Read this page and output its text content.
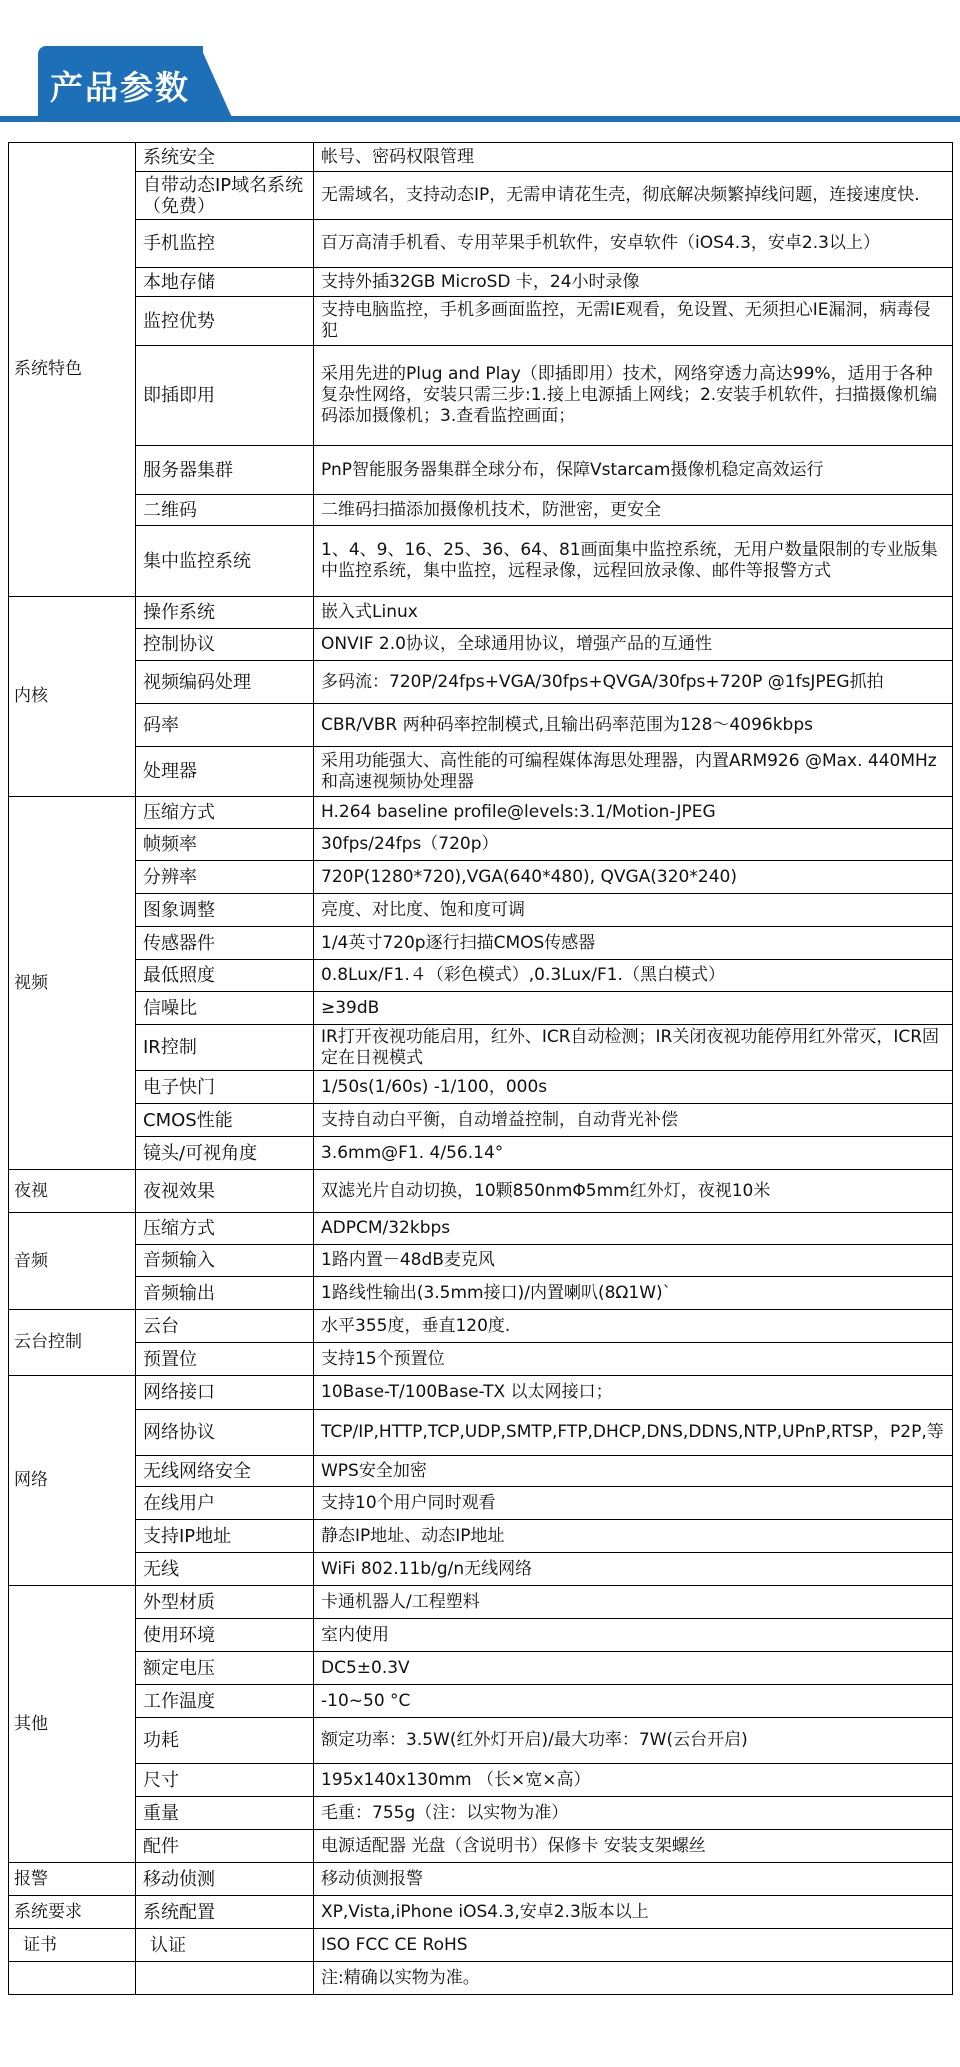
产品参数
系统特色	系统安全	帐号、密码权限管理
	自带动态IP域名系统（免费）	无需域名，支持动态IP，无需申请花生壳，彻底解决频繁掉线问题，连接速度快.
	手机监控	百万高清手机看、专用苹果手机软件，安卓软件（iOS4.3，安卓2.3以上）
	本地存储	支持外插32GB MicroSD 卡，24小时录像
	监控优势	支持电脑监控，手机多画面监控，无需IE观看，免设置、无须担心IE漏洞，病毒侵犯
	即插即用	采用先进的Plug and Play（即插即用）技术，网络穿透力高达99%，适用于各种复杂性网络，安装只需三步:1.接上电源插上网线；2.安装手机软件，扫描摄像机编码添加摄像机；3.查看监控画面；
	服务器集群	PnP智能服务器集群全球分布，保障Vstarcam摄像机稳定高效运行
	二维码	二维码扫描添加摄像机技术，防泄密，更安全
	集中监控系统	1、4、9、16、25、36、64、81画面集中监控系统，无用户数量限制的专业版集中监控系统，集中监控，远程录像，远程回放录像、邮件等报警方式
内核	操作系统	嵌入式Linux
	控制协议	ONVIF 2.0协议，全球通用协议，增强产品的互通性
	视频编码处理	多码流：720P/24fps+VGA/30fps+QVGA/30fps+720P @1fsJPEG抓拍
	码率	CBR/VBR 两种码率控制模式,且输出码率范围为128～4096kbps
	处理器	采用功能强大、高性能的可编程媒体海思处理器，内置ARM926 @Max. 440MHz和高速视频协处理器
视频	压缩方式	H.264 baseline profile@levels:3.1/Motion-JPEG
	帧频率	30fps/24fps（720p）
	分辨率	720P(1280*720),VGA(640*480), QVGA(320*240)
	图象调整	亮度、对比度、饱和度可调
	传感器件	1/4英寸720p逐行扫描CMOS传感器
	最低照度	0.8Lux/F1.４（彩色模式）,0.3Lux/F1.（黑白模式）
	信噪比	≥39dB
	IR控制	IR打开夜视功能启用，红外、ICR自动检测；IR关闭夜视功能停用红外常灭，ICR固定在日视模式
	电子快门	1/50s(1/60s) -1/100，000s
	CMOS性能	支持自动白平衡，自动增益控制，自动背光补偿
	镜头/可视角度	3.6mm@F1. 4/56.14°
夜视	夜视效果	双滤光片自动切换，10颗850nmΦ5mm红外灯，夜视10米
音频	压缩方式	ADPCM/32kbps
	音频输入	1路内置－48dB麦克风
	音频输出	1路线性输出(3.5mm接口)/内置喇叭(8Ω1W)`
云台控制	云台	水平355度，垂直120度.
	预置位	支持15个预置位
网络	网络接口	10Base-T/100Base-TX 以太网接口；
	网络协议	TCP/IP,HTTP,TCP,UDP,SMTP,FTP,DHCP,DNS,DDNS,NTP,UPnP,RTSP，P2P,等
	无线网络安全	WPS安全加密
	在线用户	支持10个用户同时观看
	支持IP地址	静态IP地址、动态IP地址
	无线	WiFi 802.11b/g/n无线网络
其他	外型材质	卡通机器人/工程塑料
	使用环境	室内使用
	额定电压	DC5±0.3V
	工作温度	-10~50 °C
	功耗	额定功率：3.5W(红外灯开启)/最大功率：7W(云台开启)
	尺寸	195x140x130mm （长×宽×高）
	重量	毛重：755g（注：以实物为准）
	配件	电源适配器 光盘（含说明书）保修卡 安装支架螺丝
报警	移动侦测	移动侦测报警
系统要求	系统配置	XP,Vista,iPhone iOS4.3,安卓2.3版本以上
证书	认证	ISO FCC CE RoHS
		注:精确以实物为准。
